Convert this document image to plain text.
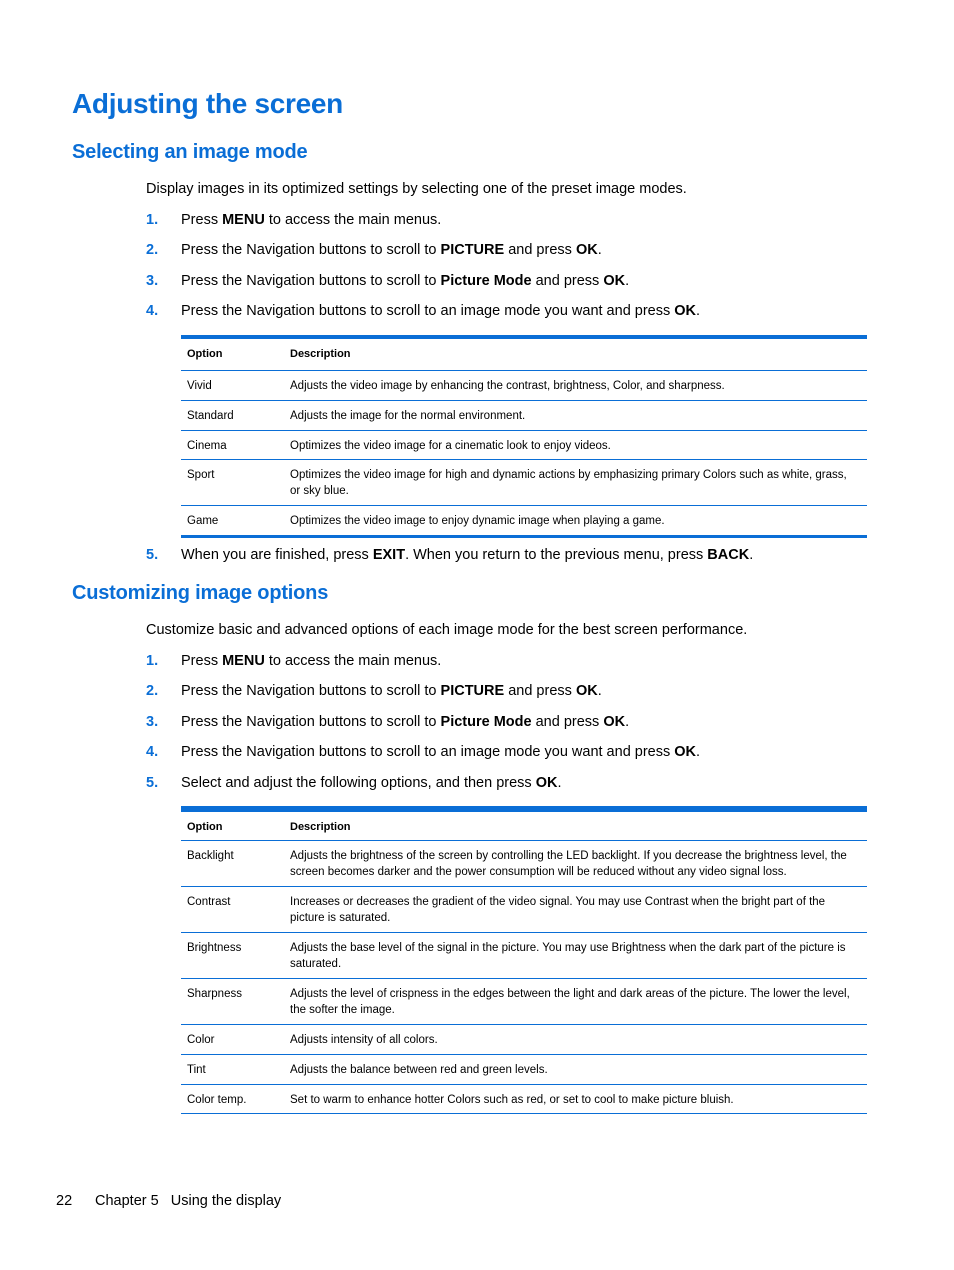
Adjusting the screen
Selecting an image mode

Display images in its optimized settings by selecting one of the preset image modes.

1.	Press MENU to access the main menus.
2.	Press the Navigation buttons to scroll to PICTURE and press OK.
3.	Press the Navigation buttons to scroll to Picture Mode and press OK.
4.	Press the Navigation buttons to scroll to an image mode you want and press OK.
Option	Description
Vivid	Adjusts the video image by enhancing the contrast, brightness, Color, and sharpness.
Standard	Adjusts the image for the normal environment.
Cinema	Optimizes the video image for a cinematic look to enjoy videos.
Sport	Optimizes the video image for high and dynamic actions by emphasizing primary Colors such as white, grass, or sky blue.
Game	Optimizes the video image to enjoy dynamic image when playing a game.
5.	When you are finished, press EXIT. When you return to the previous menu, press BACK.
Customizing image options

Customize basic and advanced options of each image mode for the best screen performance.

1.	Press MENU to access the main menus.
2.	Press the Navigation buttons to scroll to PICTURE and press OK.
3.	Press the Navigation buttons to scroll to Picture Mode and press OK.
4.	Press the Navigation buttons to scroll to an image mode you want and press OK.
5.	Select and adjust the following options, and then press OK.
Option	Description
Backlight	Adjusts the brightness of the screen by controlling the LED backlight. If you decrease the brightness level, the screen becomes darker and the power consumption will be reduced without any video signal loss.
Contrast	Increases or decreases the gradient of the video signal. You may use Contrast when the bright part of the picture is saturated.
Brightness	Adjusts the base level of the signal in the picture. You may use Brightness when the dark part of the picture is saturated.
Sharpness	Adjusts the level of crispness in the edges between the light and dark areas of the picture. The lower the level, the softer the image.
Color	Adjusts intensity of all colors.
Tint	Adjusts the balance between red and green levels.
Color temp.	Set to warm to enhance hotter Colors such as red, or set to cool to make picture bluish.
22 Chapter 5   Using the display
